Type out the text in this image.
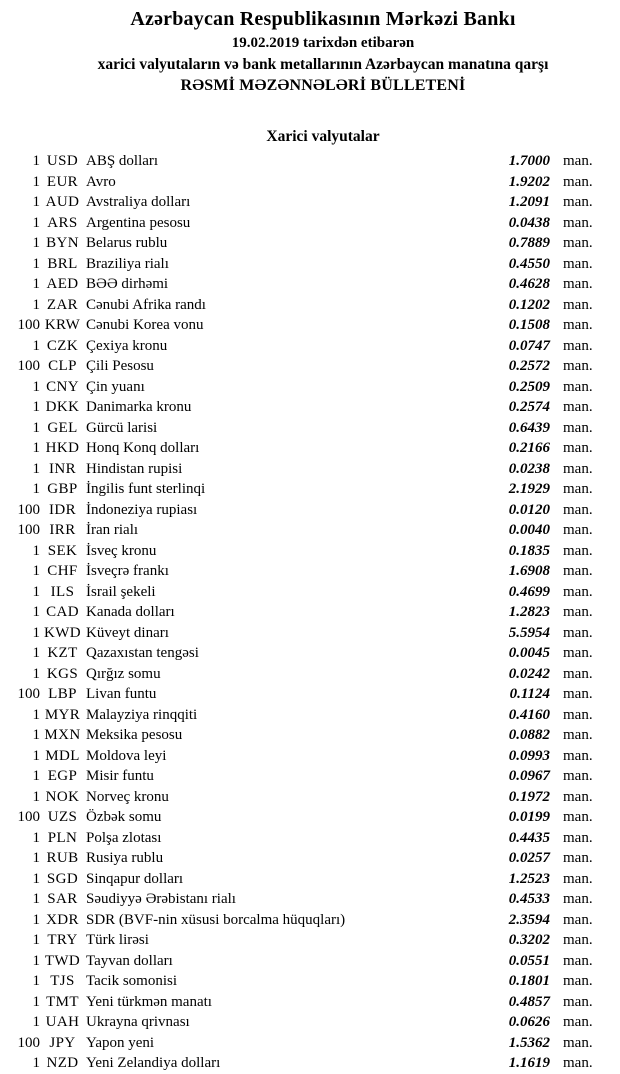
Azərbaycan Respublikasının Mərkəzi Bankı
19.02.2019 tarixdən etibarən
xarici valyutaların və bank metallarının Azərbaycan manatına qarşı
RƏSMİ MƏZƏNNƏLƏRİ BÜLLETENİ
Xarici valyutalar
1 USD ABŞ dolları	1.7000 man.
1 EUR Avro	1.9202 man.
1 AUD Avstraliya dolları	1.2091 man.
1 ARS Argentina pesosu	0.0438 man.
1 BYN Belarus rublu	0.7889 man.
1 BRL Braziliya rialı	0.4550 man.
1 AED BƏƏ dirhəmi	0.4628 man.
1 ZAR Cənubi Afrika randı	0.1202 man.
100 KRW Cənubi Korea vonu	0.1508 man.
1 CZK Çexiya kronu	0.0747 man.
100 CLP Çili Pesosu	0.2572 man.
1 CNY Çin yuanı	0.2509 man.
1 DKK Danimarka kronu	0.2574 man.
1 GEL Gürcü larisi	0.6439 man.
1 HKD Honq Konq dolları	0.2166 man.
1 INR Hindistan rupisi	0.0238 man.
1 GBP İngilis funt sterlinqi	2.1929 man.
100 IDR İndoneziya rupiası	0.0120 man.
100 IRR İran rialı	0.0040 man.
1 SEK İsveç kronu	0.1835 man.
1 CHF İsveçrə frankı	1.6908 man.
1 ILS İsrail şekeli	0.4699 man.
1 CAD Kanada dolları	1.2823 man.
1 KWD Küveyt dinarı	5.5954 man.
1 KZT Qazaxıstan tengəsi	0.0045 man.
1 KGS Qırğız somu	0.0242 man.
100 LBP Livan funtu	0.1124 man.
1 MYR Malayziya rinqqiti	0.4160 man.
1 MXN Meksika pesosu	0.0882 man.
1 MDL Moldova leyi	0.0993 man.
1 EGP Misir funtu	0.0967 man.
1 NOK Norveç kronu	0.1972 man.
100 UZS Özbək somu	0.0199 man.
1 PLN Polşa zlotası	0.4435 man.
1 RUB Rusiya rublu	0.0257 man.
1 SGD Sinqapur dolları	1.2523 man.
1 SAR Səudiyyə Ərəbistanı rialı	0.4533 man.
1 XDR SDR (BVF-nin xüsusi borcalma hüquqları)	2.3594 man.
1 TRY Türk lirəsi	0.3202 man.
1 TWD Tayvan dolları	0.0551 man.
1 TJS Tacik somonisi	0.1801 man.
1 TMT Yeni türkmən manatı	0.4857 man.
1 UAH Ukrayna qrivnası	0.0626 man.
100 JPY Yapon yeni	1.5362 man.
1 NZD Yeni Zelandiya dolları	1.1619 man.
